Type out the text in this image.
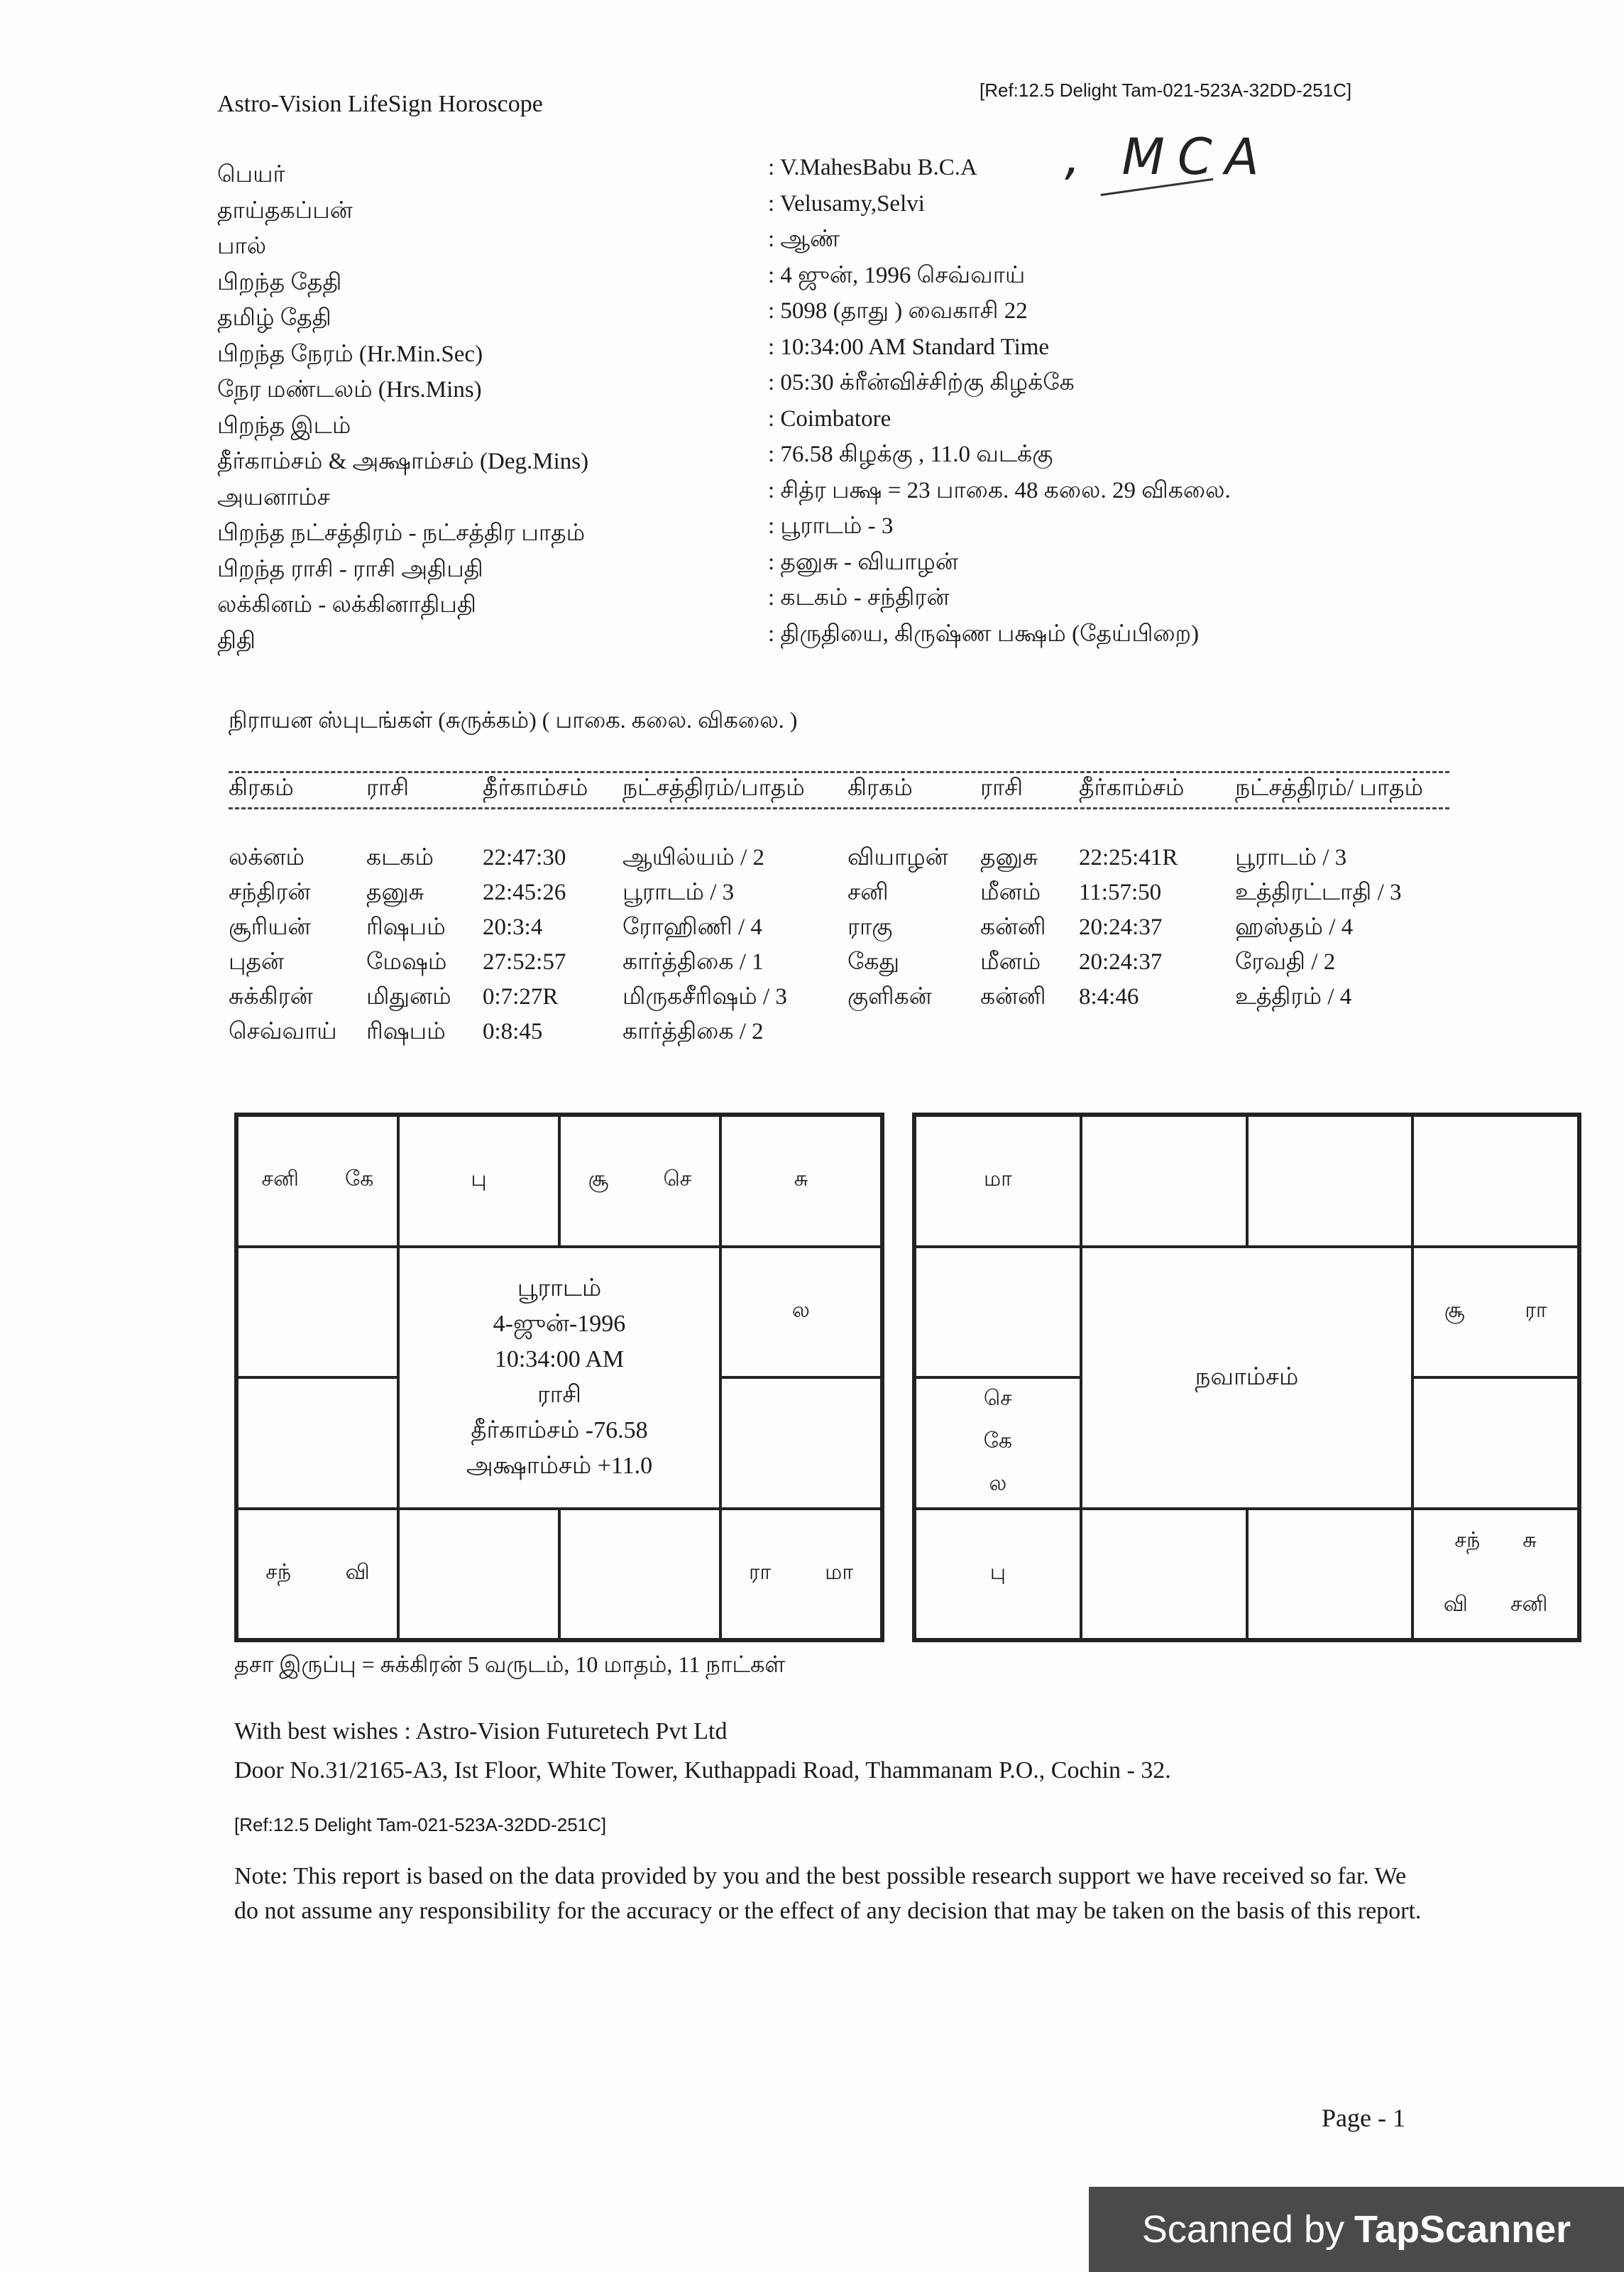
Astro-Vision LifeSign Horoscope
[Ref:12.5 Delight Tam-021-523A-32DD-251C]
, MCA
பெயர்	: V.MahesBabu B.C.A
தாய்தகப்பன்	: Velusamy,Selvi
பால்	: ஆண்
பிறந்த தேதி	: 4 ஜுன், 1996 செவ்வாய்
தமிழ் தேதி	: 5098 (தாது ) வைகாசி 22
பிறந்த நேரம் (Hr.Min.Sec)	: 10:34:00 AM Standard Time
நேர மண்டலம் (Hrs.Mins)	: 05:30 க்ரீன்விச்சிற்கு கிழக்கே
பிறந்த இடம்	: Coimbatore
தீர்காம்சம் & அக்ஷாம்சம் (Deg.Mins)	: 76.58 கிழக்கு , 11.0 வடக்கு
அயனாம்ச	: சித்ர பக்ஷ = 23 பாகை. 48 கலை. 29 விகலை.
பிறந்த நட்சத்திரம் - நட்சத்திர பாதம்	: பூராடம் - 3
பிறந்த ராசி - ராசி அதிபதி	: தனுசு - வியாழன்
லக்கினம் - லக்கினாதிபதி	: கடகம் - சந்திரன்
திதி	: திருதியை, கிருஷ்ண பக்ஷம் (தேய்பிறை)
நிராயன ஸ்புடங்கள் (சுருக்கம்) ( பாகை. கலை. விகலை. )
கிரகம்	ராசி	தீர்காம்சம் நட்சத்திரம்/பாதம் கிரகம்	ராசி தீர்காம்சம் நட்சத்திரம்/ பாதம்
லக்னம்	கடகம் 22:47:30 ஆயில்யம் / 2	வியாழன் தனுசு 22:25:41R பூராடம் / 3
சந்திரன் தனுசு	22:45:26 பூராடம் / 3	சனி	மீனம் 11:57:50	உத்திரட்டாதி / 3
சூரியன் ரிஷபம் 20:3:4	ரோஹிணி / 4	ராகு	கன்னி 20:24:37	ஹஸ்தம் / 4
புதன்	மேஷம் 27:52:57 கார்த்திகை / 1	கேது	மீனம் 20:24:37	ரேவதி / 2
சுக்கிரன் மிதுனம் 0:7:27R	மிருகசீரிஷம் / 3	குளிகன் கன்னி 8:4:46	உத்திரம் / 4
செவ்வாய் ரிஷபம் 0:8:45	கார்த்திகை / 2
சனி கே	பு	சூ	செ	சு
பூராடம்
4-ஜுன்-1996
10:34:00 AM
ராசி
தீர்காம்சம் -76.58
அக்ஷாம்சம் +11.0
ல
சந்	வி	ரா	மா
மா
நவாம்சம்
சூ	ரா
செ
கே
ல
பு
சந் சு
வி சனி
தசா இருப்பு = சுக்கிரன் 5 வருடம், 10 மாதம், 11 நாட்கள்
With best wishes : Astro-Vision Futuretech Pvt Ltd
Door No.31/2165-A3, Ist Floor, White Tower, Kuthappadi Road, Thammanam P.O., Cochin - 32.
[Ref:12.5 Delight Tam-021-523A-32DD-251C]
Note: This report is based on the data provided by you and the best possible research support we have received so far. We do not assume any responsibility for the accuracy or the effect of any decision that may be taken on the basis of this report.
Page - 1
Scanned by TapScanner
